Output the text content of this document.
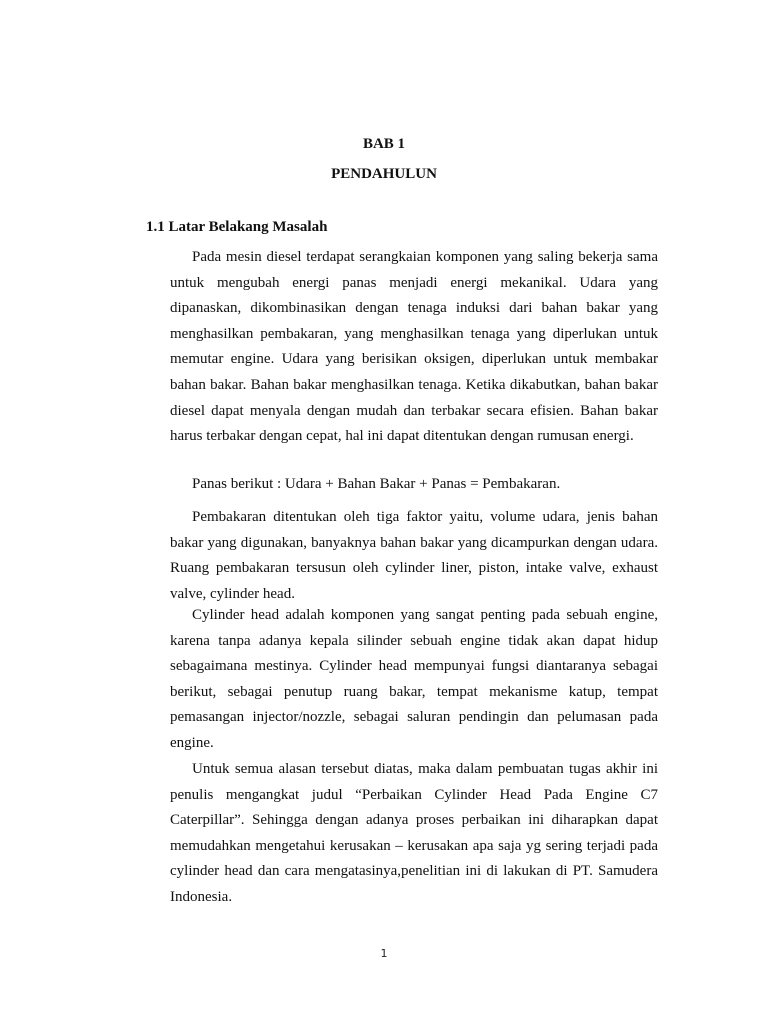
BAB 1
PENDAHULUN
1.1 Latar Belakang Masalah

Pada mesin diesel terdapat serangkaian komponen yang saling bekerja sama untuk mengubah energi panas menjadi energi mekanikal. Udara yang dipanaskan, dikombinasikan dengan tenaga induksi dari bahan bakar yang menghasilkan pembakaran, yang menghasilkan tenaga yang diperlukan untuk memutar engine. Udara yang berisikan oksigen, diperlukan untuk membakar bahan bakar. Bahan bakar menghasilkan tenaga. Ketika dikabutkan, bahan bakar diesel dapat menyala dengan mudah dan terbakar secara efisien. Bahan bakar harus terbakar dengan cepat, hal ini dapat ditentukan dengan rumusan energi.

Panas berikut : Udara + Bahan Bakar + Panas = Pembakaran.

Pembakaran ditentukan oleh tiga faktor yaitu, volume udara, jenis bahan bakar yang digunakan, banyaknya bahan bakar yang dicampurkan dengan udara. Ruang pembakaran tersusun oleh cylinder liner, piston, intake valve, exhaust valve, cylinder head.

Cylinder head adalah komponen yang sangat penting pada sebuah engine, karena tanpa adanya kepala silinder sebuah engine tidak akan dapat hidup sebagaimana mestinya. Cylinder head mempunyai fungsi diantaranya sebagai berikut, sebagai penutup ruang bakar, tempat mekanisme katup, tempat pemasangan injector/nozzle, sebagai saluran pendingin dan pelumasan pada engine.

Untuk semua alasan tersebut diatas, maka dalam pembuatan tugas akhir ini penulis mengangkat judul “Perbaikan Cylinder Head Pada Engine C7 Caterpillar”. Sehingga dengan adanya proses perbaikan ini diharapkan dapat memudahkan mengetahui kerusakan – kerusakan apa saja yg sering terjadi pada cylinder head dan cara mengatasinya,penelitian ini di lakukan di PT. Samudera Indonesia.

1
